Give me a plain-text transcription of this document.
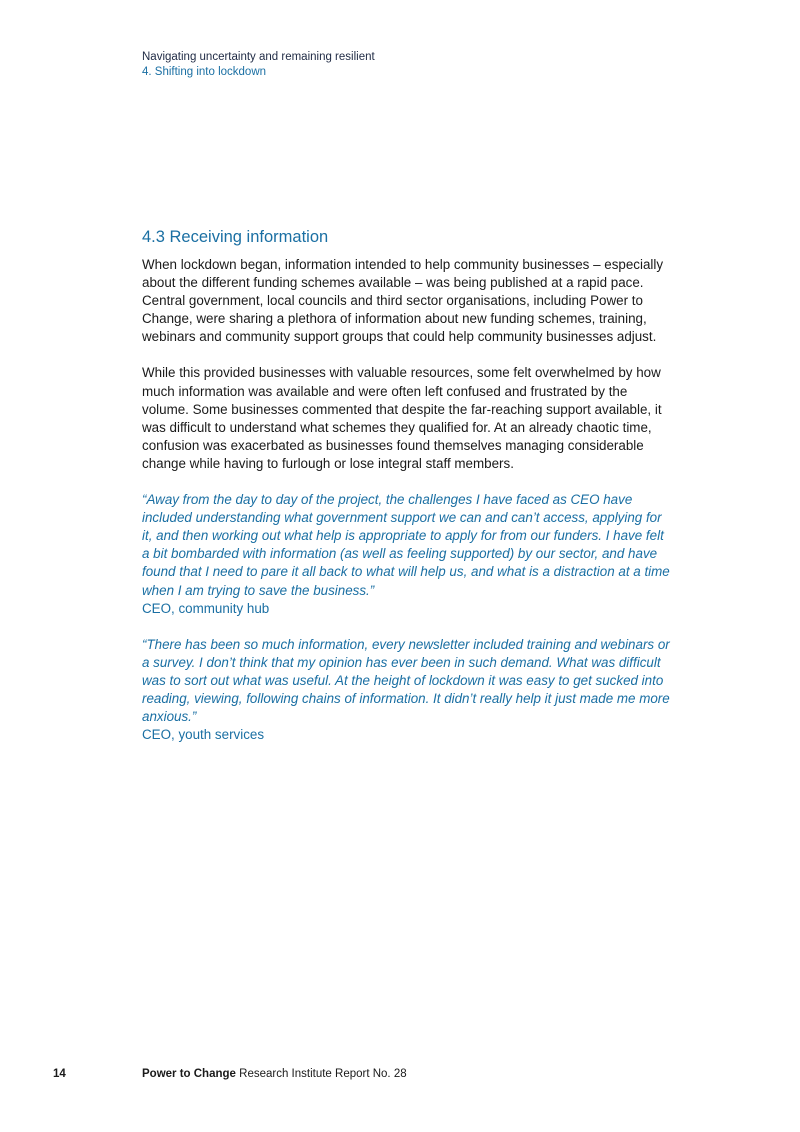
Navigating uncertainty and remaining resilient
4. Shifting into lockdown
4.3 Receiving information

When lockdown began, information intended to help community businesses – especially about the different funding schemes available – was being published at a rapid pace. Central government, local councils and third sector organisations, including Power to Change, were sharing a plethora of information about new funding schemes, training, webinars and community support groups that could help community businesses adjust.

While this provided businesses with valuable resources, some felt overwhelmed by how much information was available and were often left confused and frustrated by the volume. Some businesses commented that despite the far-reaching support available, it was difficult to understand what schemes they qualified for. At an already chaotic time, confusion was exacerbated as businesses found themselves managing considerable change while having to furlough or lose integral staff members.

“Away from the day to day of the project, the challenges I have faced as CEO have included understanding what government support we can and can’t access, applying for it, and then working out what help is appropriate to apply for from our funders. I have felt a bit bombarded with information (as well as feeling supported) by our sector, and have found that I need to pare it all back to what will help us, and what is a distraction at a time when I am trying to save the business.”
CEO, community hub
“There has been so much information, every newsletter included training and webinars or a survey. I don’t think that my opinion has ever been in such demand. What was difficult was to sort out what was useful. At the height of lockdown it was easy to get sucked into reading, viewing, following chains of information. It didn’t really help it just made me more anxious.”
CEO, youth services
14	Power to Change Research Institute Report No. 28
